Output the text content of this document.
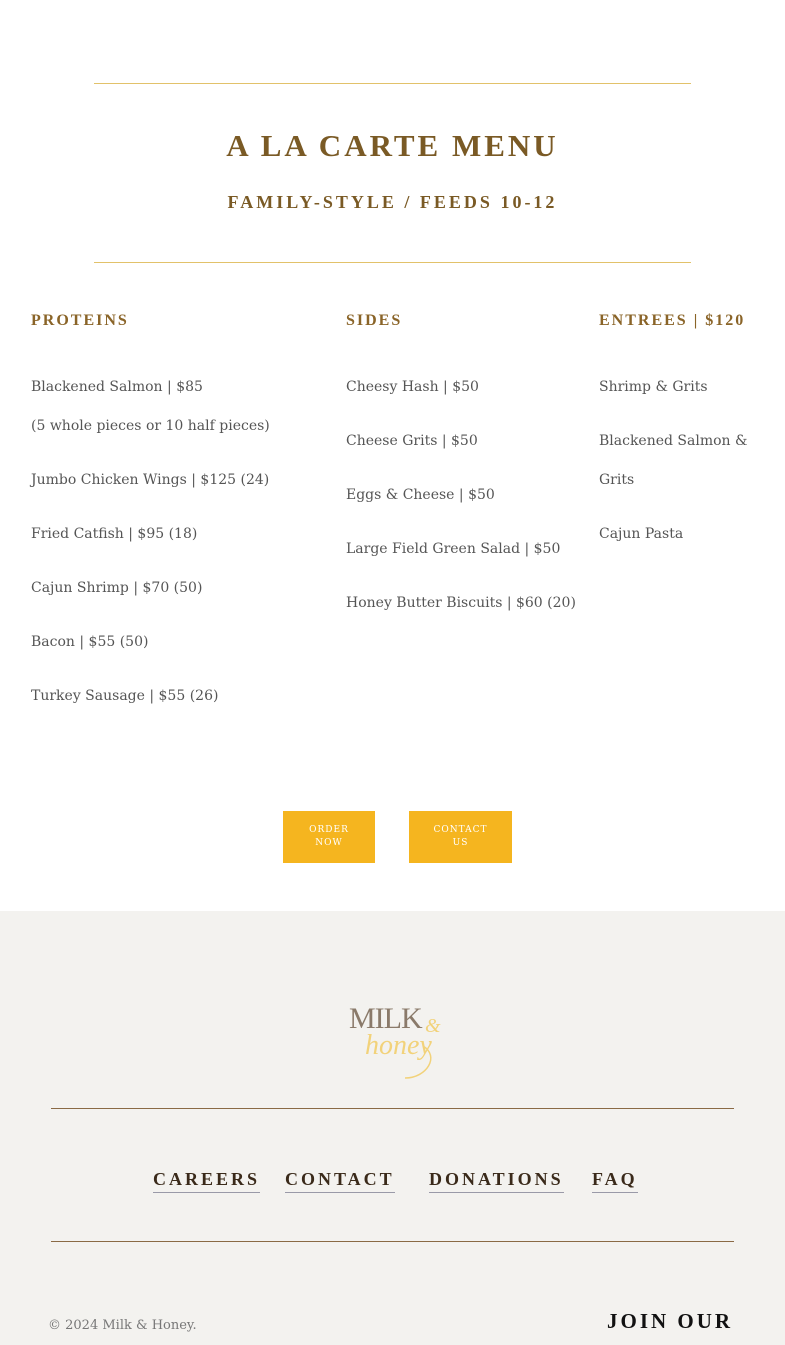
A LA CARTE MENU
FAMILY-STYLE / FEEDS 10-12
PROTEINS
Blackened Salmon | $85
(5 whole pieces or 10 half pieces)
Jumbo Chicken Wings | $125 (24)
Fried Catfish | $95 (18)
Cajun Shrimp | $70 (50)
Bacon | $55 (50)
Turkey Sausage | $55 (26)
SIDES
Cheesy Hash | $50
Cheese Grits | $50
Eggs & Cheese | $50
Large Field Green Salad | $50
Honey Butter Biscuits | $60 (20)
ENTREES | $120
Shrimp & Grits
Blackened Salmon & Grits
Cajun Pasta
ORDER NOW
CONTACT US
MILK &
honey
CAREERS CONTACT DONATIONS FAQ
© 2024 Milk & Honey.	JOIN OUR
